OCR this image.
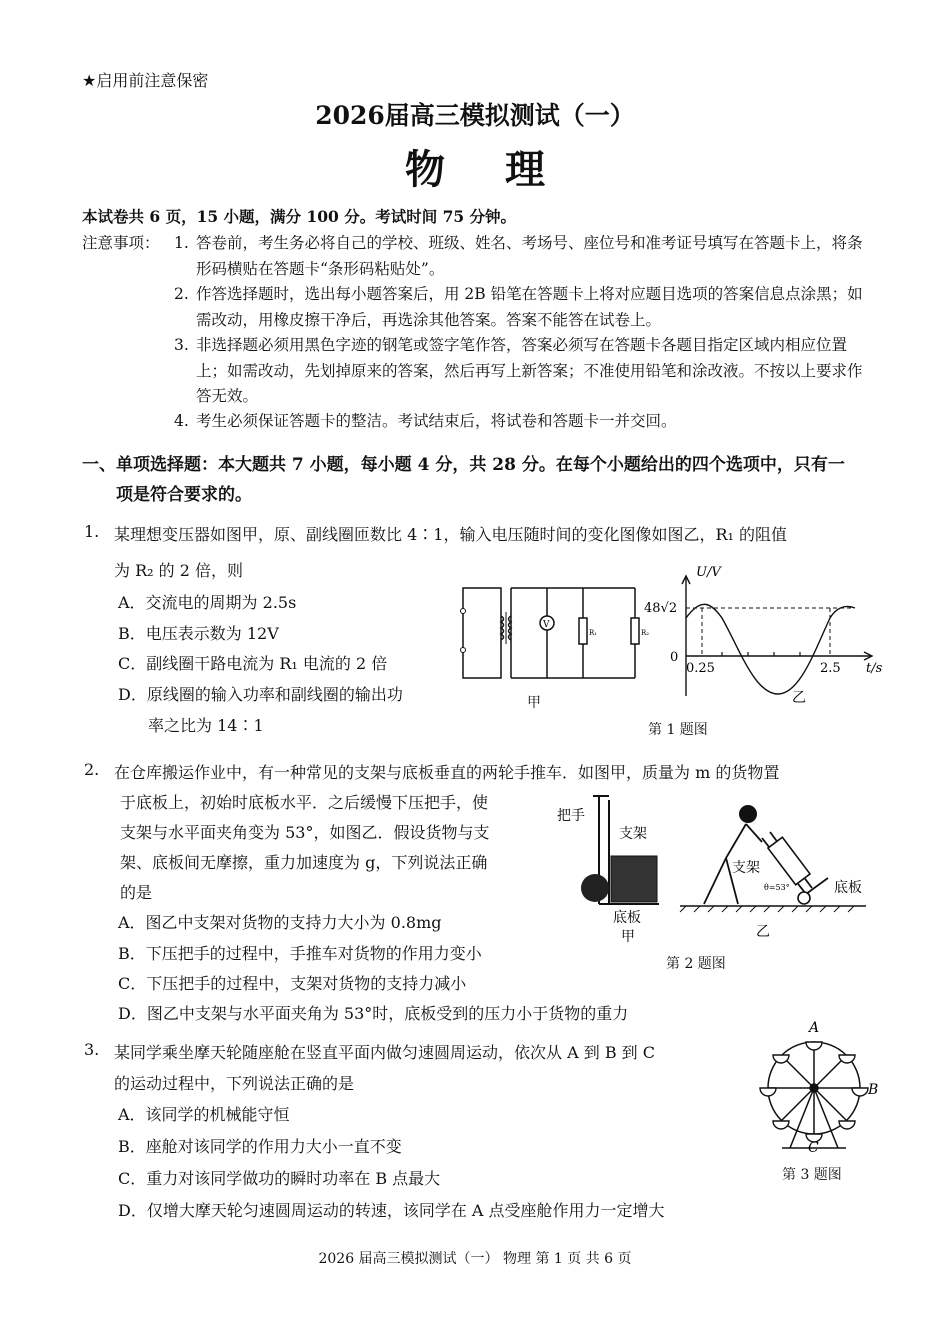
★启用前注意保密
2026届高三模拟测试（一）
物理
本试卷共 6 页，15 小题，满分 100 分。考试时间 75 分钟。
注意事项： 1. 答卷前，考生务必将自己的学校、班级、姓名、考场号、座位号和准考证号填写在答题卡上，将条形码横贴在答题卡“条形码粘贴处”。
2. 作答选择题时，选出每小题答案后，用 2B 铅笔在答题卡上将对应题目选项的答案信息点涂黑；如需改动，用橡皮擦干净后，再选涂其他答案。答案不能答在试卷上。
3. 非选择题必须用黑色字迹的钢笔或签字笔作答，答案必须写在答题卡各题目指定区域内相应位置上；如需改动，先划掉原来的答案，然后再写上新答案；不准使用铅笔和涂改液。不按以上要求作答无效。
4. 考生必须保证答题卡的整洁。考试结束后，将试卷和答题卡一并交回。
一、单项选择题：本大题共 7 小题，每小题 4 分，共 28 分。在每个小题给出的四个选项中，只有一
项是符合要求的。
1. 某理想变压器如图甲，原、副线圈匝数比 4∶1，输入电压随时间的变化图像如图乙，R₁ 的阻值
为 R₂ 的 2 倍，则
A．交流电的周期为 2.5s
B．电压表示数为 12V
C．副线圈干路电流为 R₁ 电流的 2 倍
D．原线圈的输入功率和副线圈的输出功
率之比为 14∶1
V
R₁	R₂
甲
U/V
48√2
0
0.25	2.5 t/s
乙
第 1 题图
2. 在仓库搬运作业中，有一种常见的支架与底板垂直的两轮手推车．如图甲，质量为 m 的货物置
于底板上，初始时底板水平．之后缓慢下压把手，使
支架与水平面夹角变为 53°，如图乙．假设货物与支
架、底板间无摩擦，重力加速度为 g，下列说法正确
的是
A．图乙中支架对货物的支持力大小为 0.8mg
B．下压把手的过程中，手推车对货物的作用力变小
C．下压把手的过程中，支架对货物的支持力减小
D．图乙中支架与水平面夹角为 53°时，底板受到的压力小于货物的重力
把手
支架
底板
甲
支架
θ=53°	底板
乙
第 2 题图
3. 某同学乘坐摩天轮随座舱在竖直平面内做匀速圆周运动，依次从 A 到 B 到 C
的运动过程中，下列说法正确的是
A．该同学的机械能守恒
B．座舱对该同学的作用力大小一直不变
C．重力对该同学做功的瞬时功率在 B 点最大
D．仅增大摩天轮匀速圆周运动的转速，该同学在 A 点受座舱作用力一定增大
A
B
C
第 3 题图
2026 届高三模拟测试（一） 物理 第 1 页 共 6 页
